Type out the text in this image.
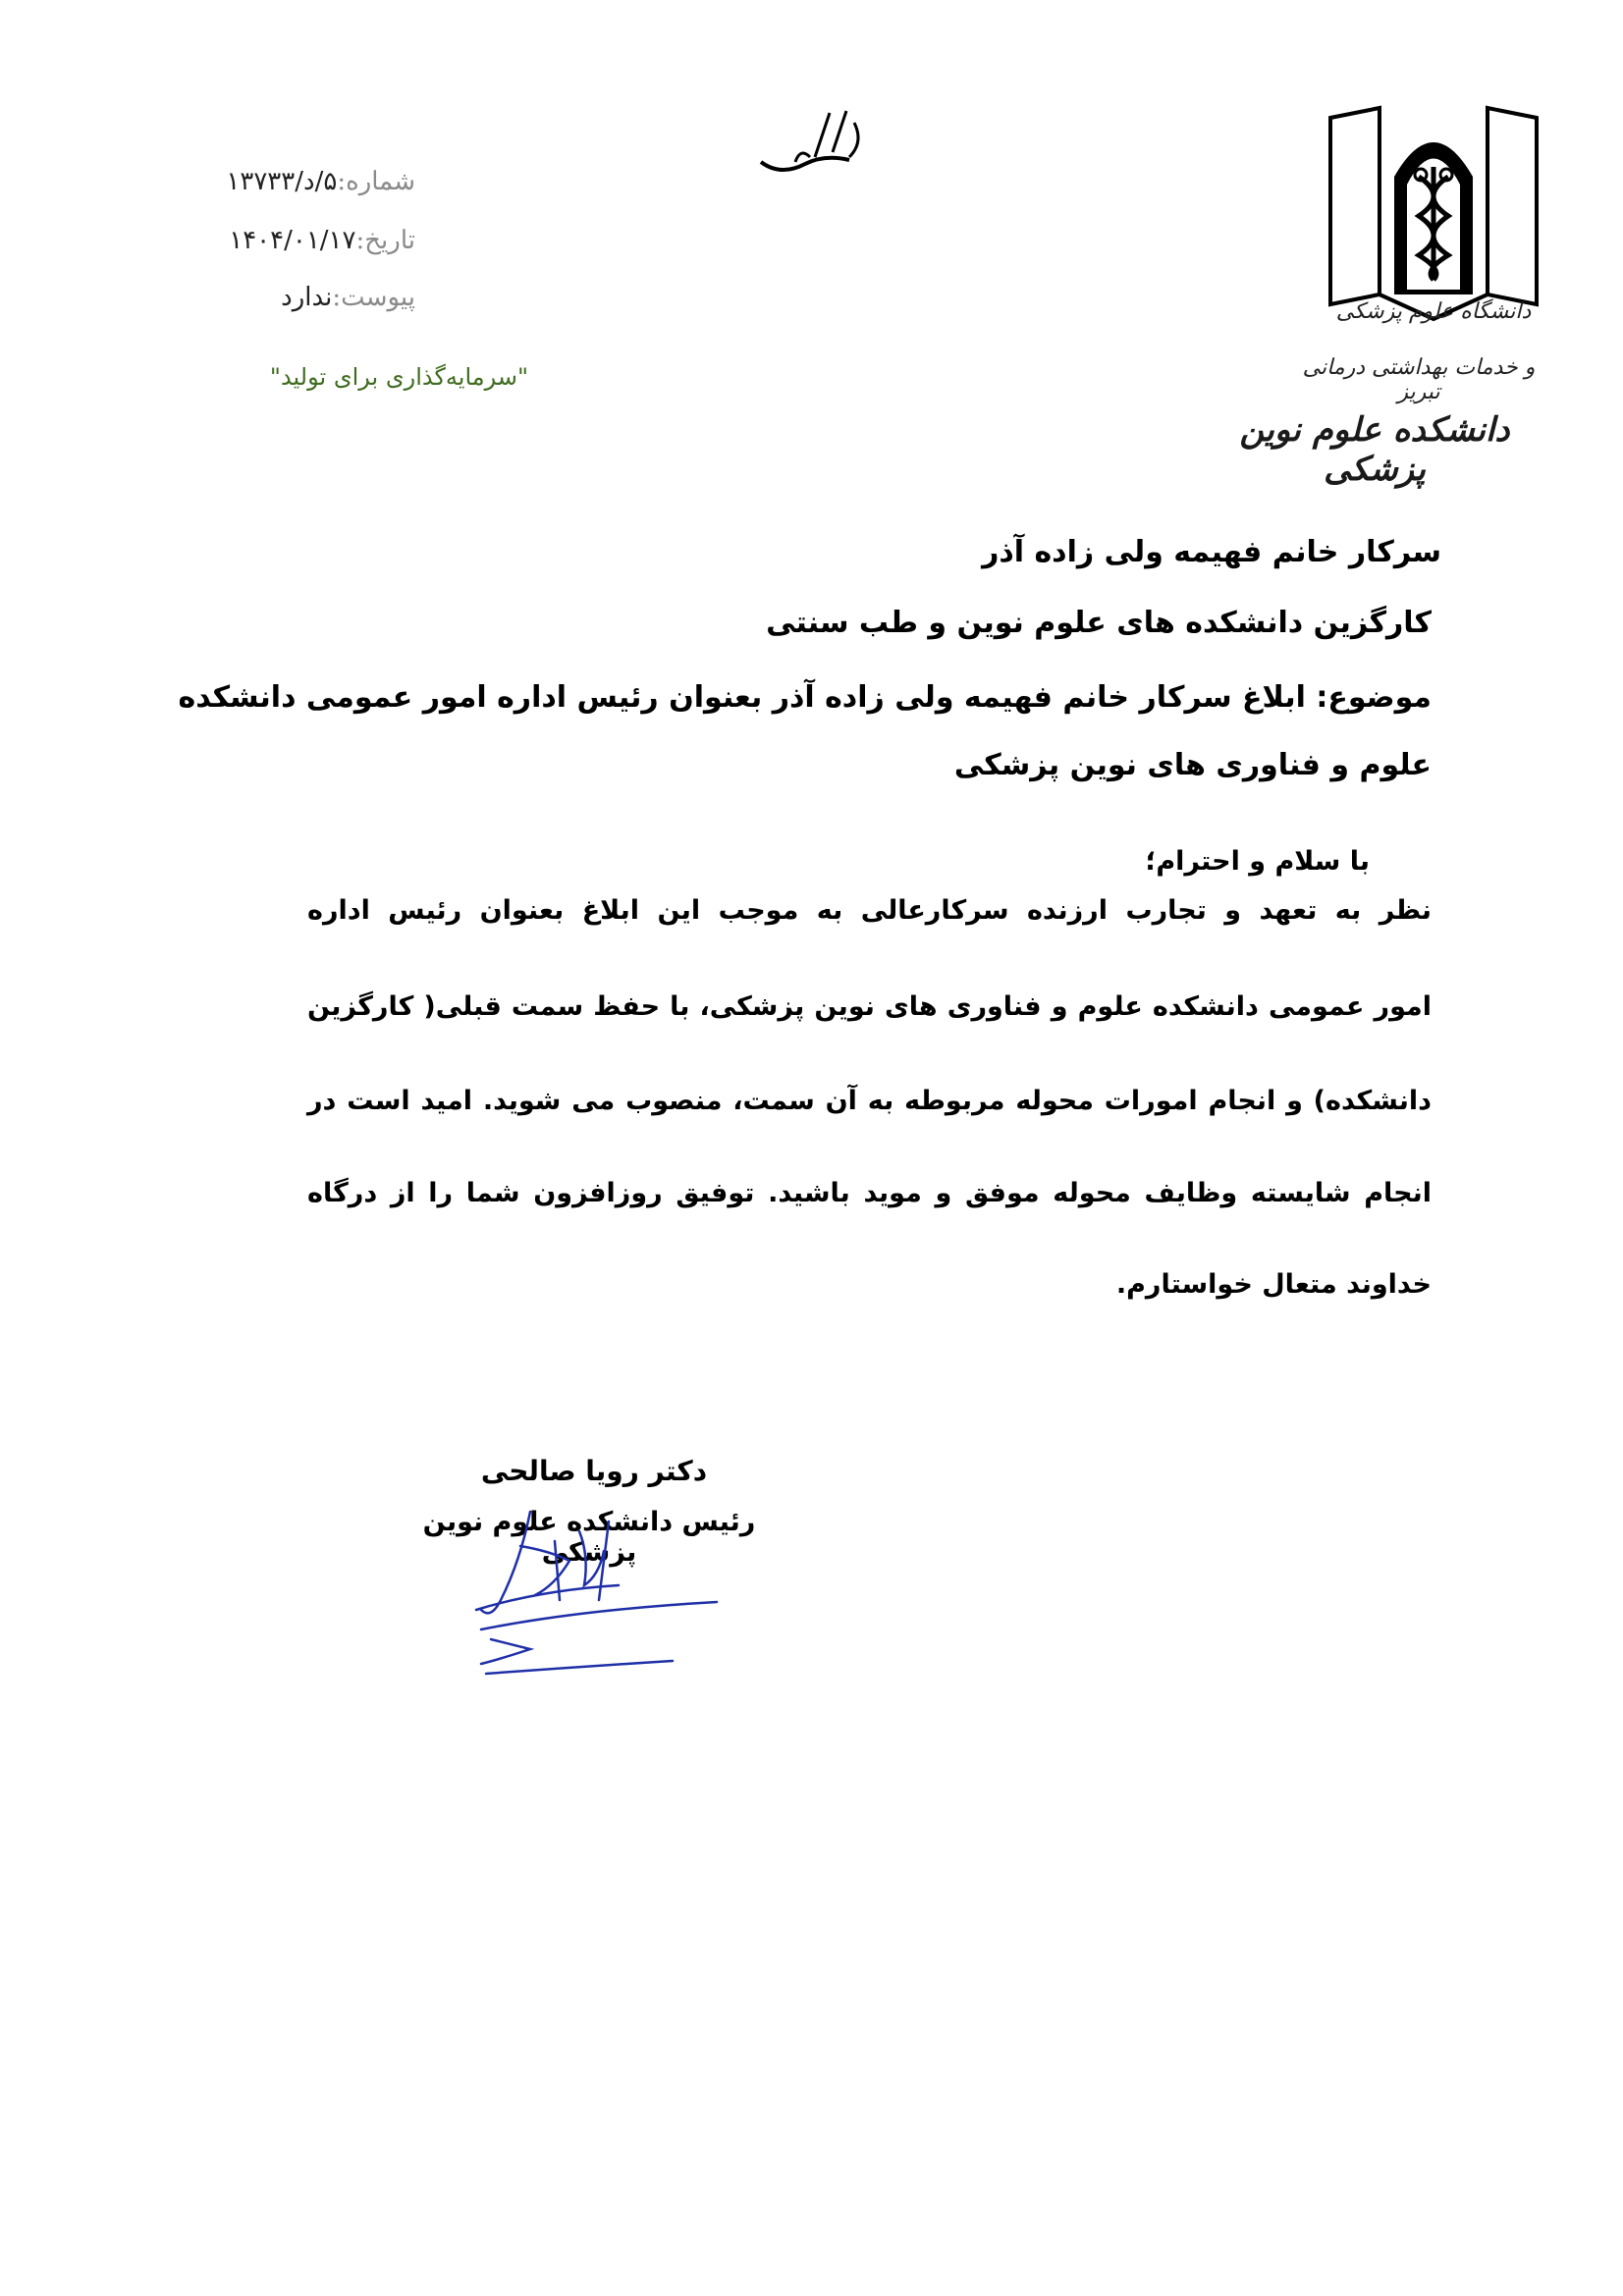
دانشگاه علوم پزشکی
و خدمات بهداشتی درمانی تبریز
دانشکده علوم نوین پزشکی
شماره:۵/د/۱۳۷۳۳
تاریخ:۱۴۰۴/۰۱/۱۷
پیوست:ندارد
"سرمایه‌گذاری برای تولید"
سرکار خانم فهیمه ولی زاده آذر
کارگزین دانشکده های علوم نوین و طب سنتی
موضوع: ابلاغ سرکار خانم فهیمه ولی زاده آذر بعنوان رئیس اداره امور عمومی دانشکده
علوم و فناوری های نوین پزشکی
با سلام و احترام؛
نظر به تعهد و تجارب ارزنده سرکارعالی به موجب این ابلاغ بعنوان رئیس اداره
امور عمومی دانشکده علوم و فناوری های نوین پزشکی، با حفظ سمت قبلی( کارگزین
دانشکده) و انجام امورات محوله مربوطه به آن سمت، منصوب می شوید. امید است در
انجام شایسته وظایف محوله موفق و موید باشید. توفیق روزافزون شما را از درگاه
خداوند متعال خواستارم.
دکتر رویا صالحی
رئیس دانشکده علوم نوین پزشکی
